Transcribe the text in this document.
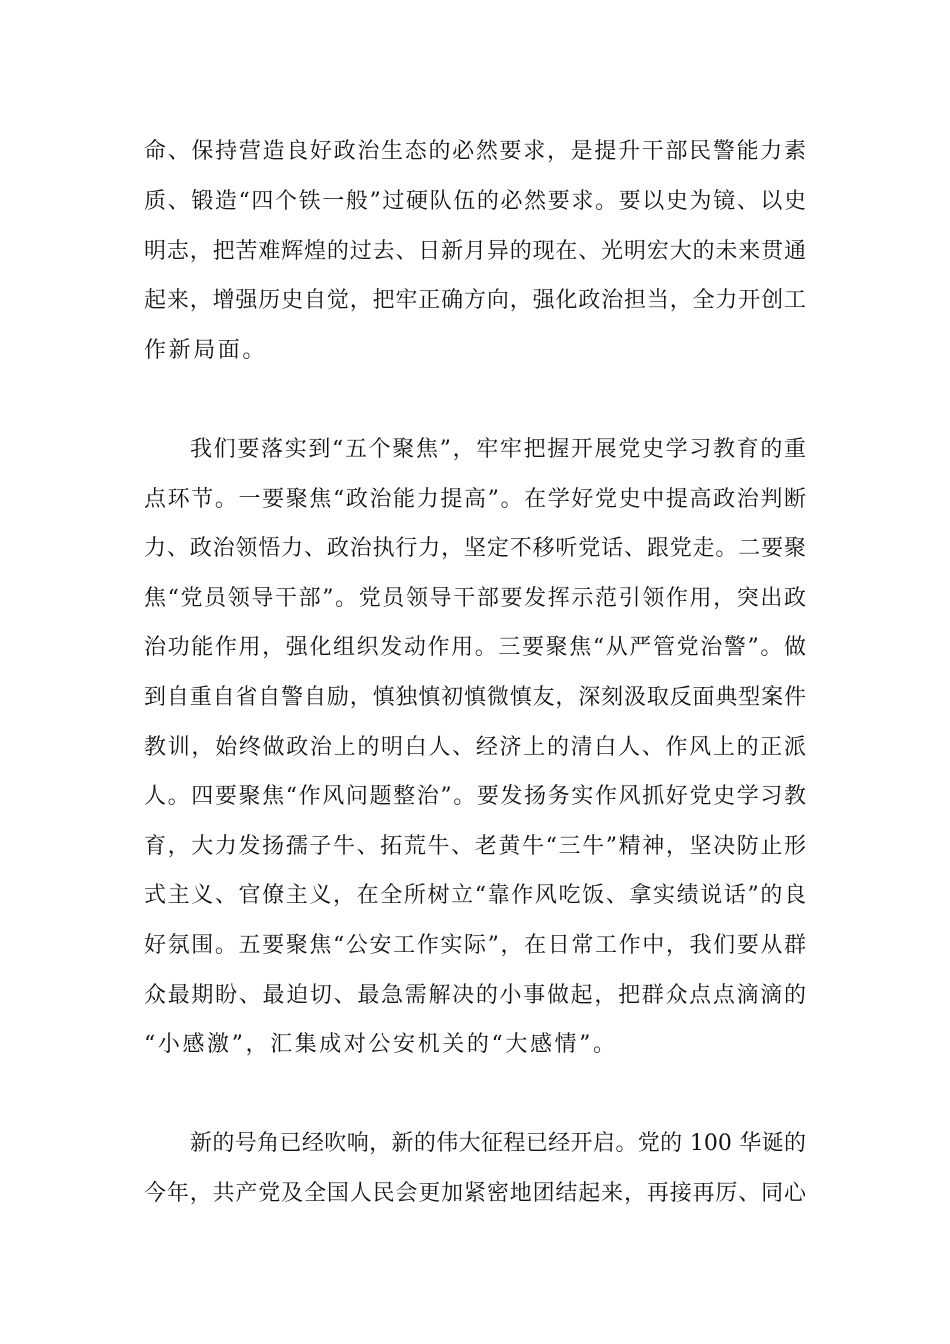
命、保持营造良好政治生态的必然要求，是提升干部民警能力素
质、锻造“四个铁一般”过硬队伍的必然要求。要以史为镜、以史
明志，把苦难辉煌的过去、日新月异的现在、光明宏大的未来贯通
起来，增强历史自觉，把牢正确方向，强化政治担当，全力开创工
作新局面。
我们要落实到“五个聚焦”，牢牢把握开展党史学习教育的重
点环节。一要聚焦“政治能力提高”。在学好党史中提高政治判断
力、政治领悟力、政治执行力，坚定不移听党话、跟党走。二要聚
焦“党员领导干部”。党员领导干部要发挥示范引领作用，突出政
治功能作用，强化组织发动作用。三要聚焦“从严管党治警”。做
到自重自省自警自励，慎独慎初慎微慎友，深刻汲取反面典型案件
教训，始终做政治上的明白人、经济上的清白人、作风上的正派
人。四要聚焦“作风问题整治”。要发扬务实作风抓好党史学习教
育，大力发扬孺子牛、拓荒牛、老黄牛“三牛”精神，坚决防止形
式主义、官僚主义，在全所树立“靠作风吃饭、拿实绩说话”的良
好氛围。五要聚焦“公安工作实际”，在日常工作中，我们要从群
众最期盼、最迫切、最急需解决的小事做起，把群众点点滴滴的
“小感激”，汇集成对公安机关的“大感情”。
新的号角已经吹响，新的伟大征程已经开启。党的 100 华诞的
今年，共产党及全国人民会更加紧密地团结起来，再接再厉、同心
